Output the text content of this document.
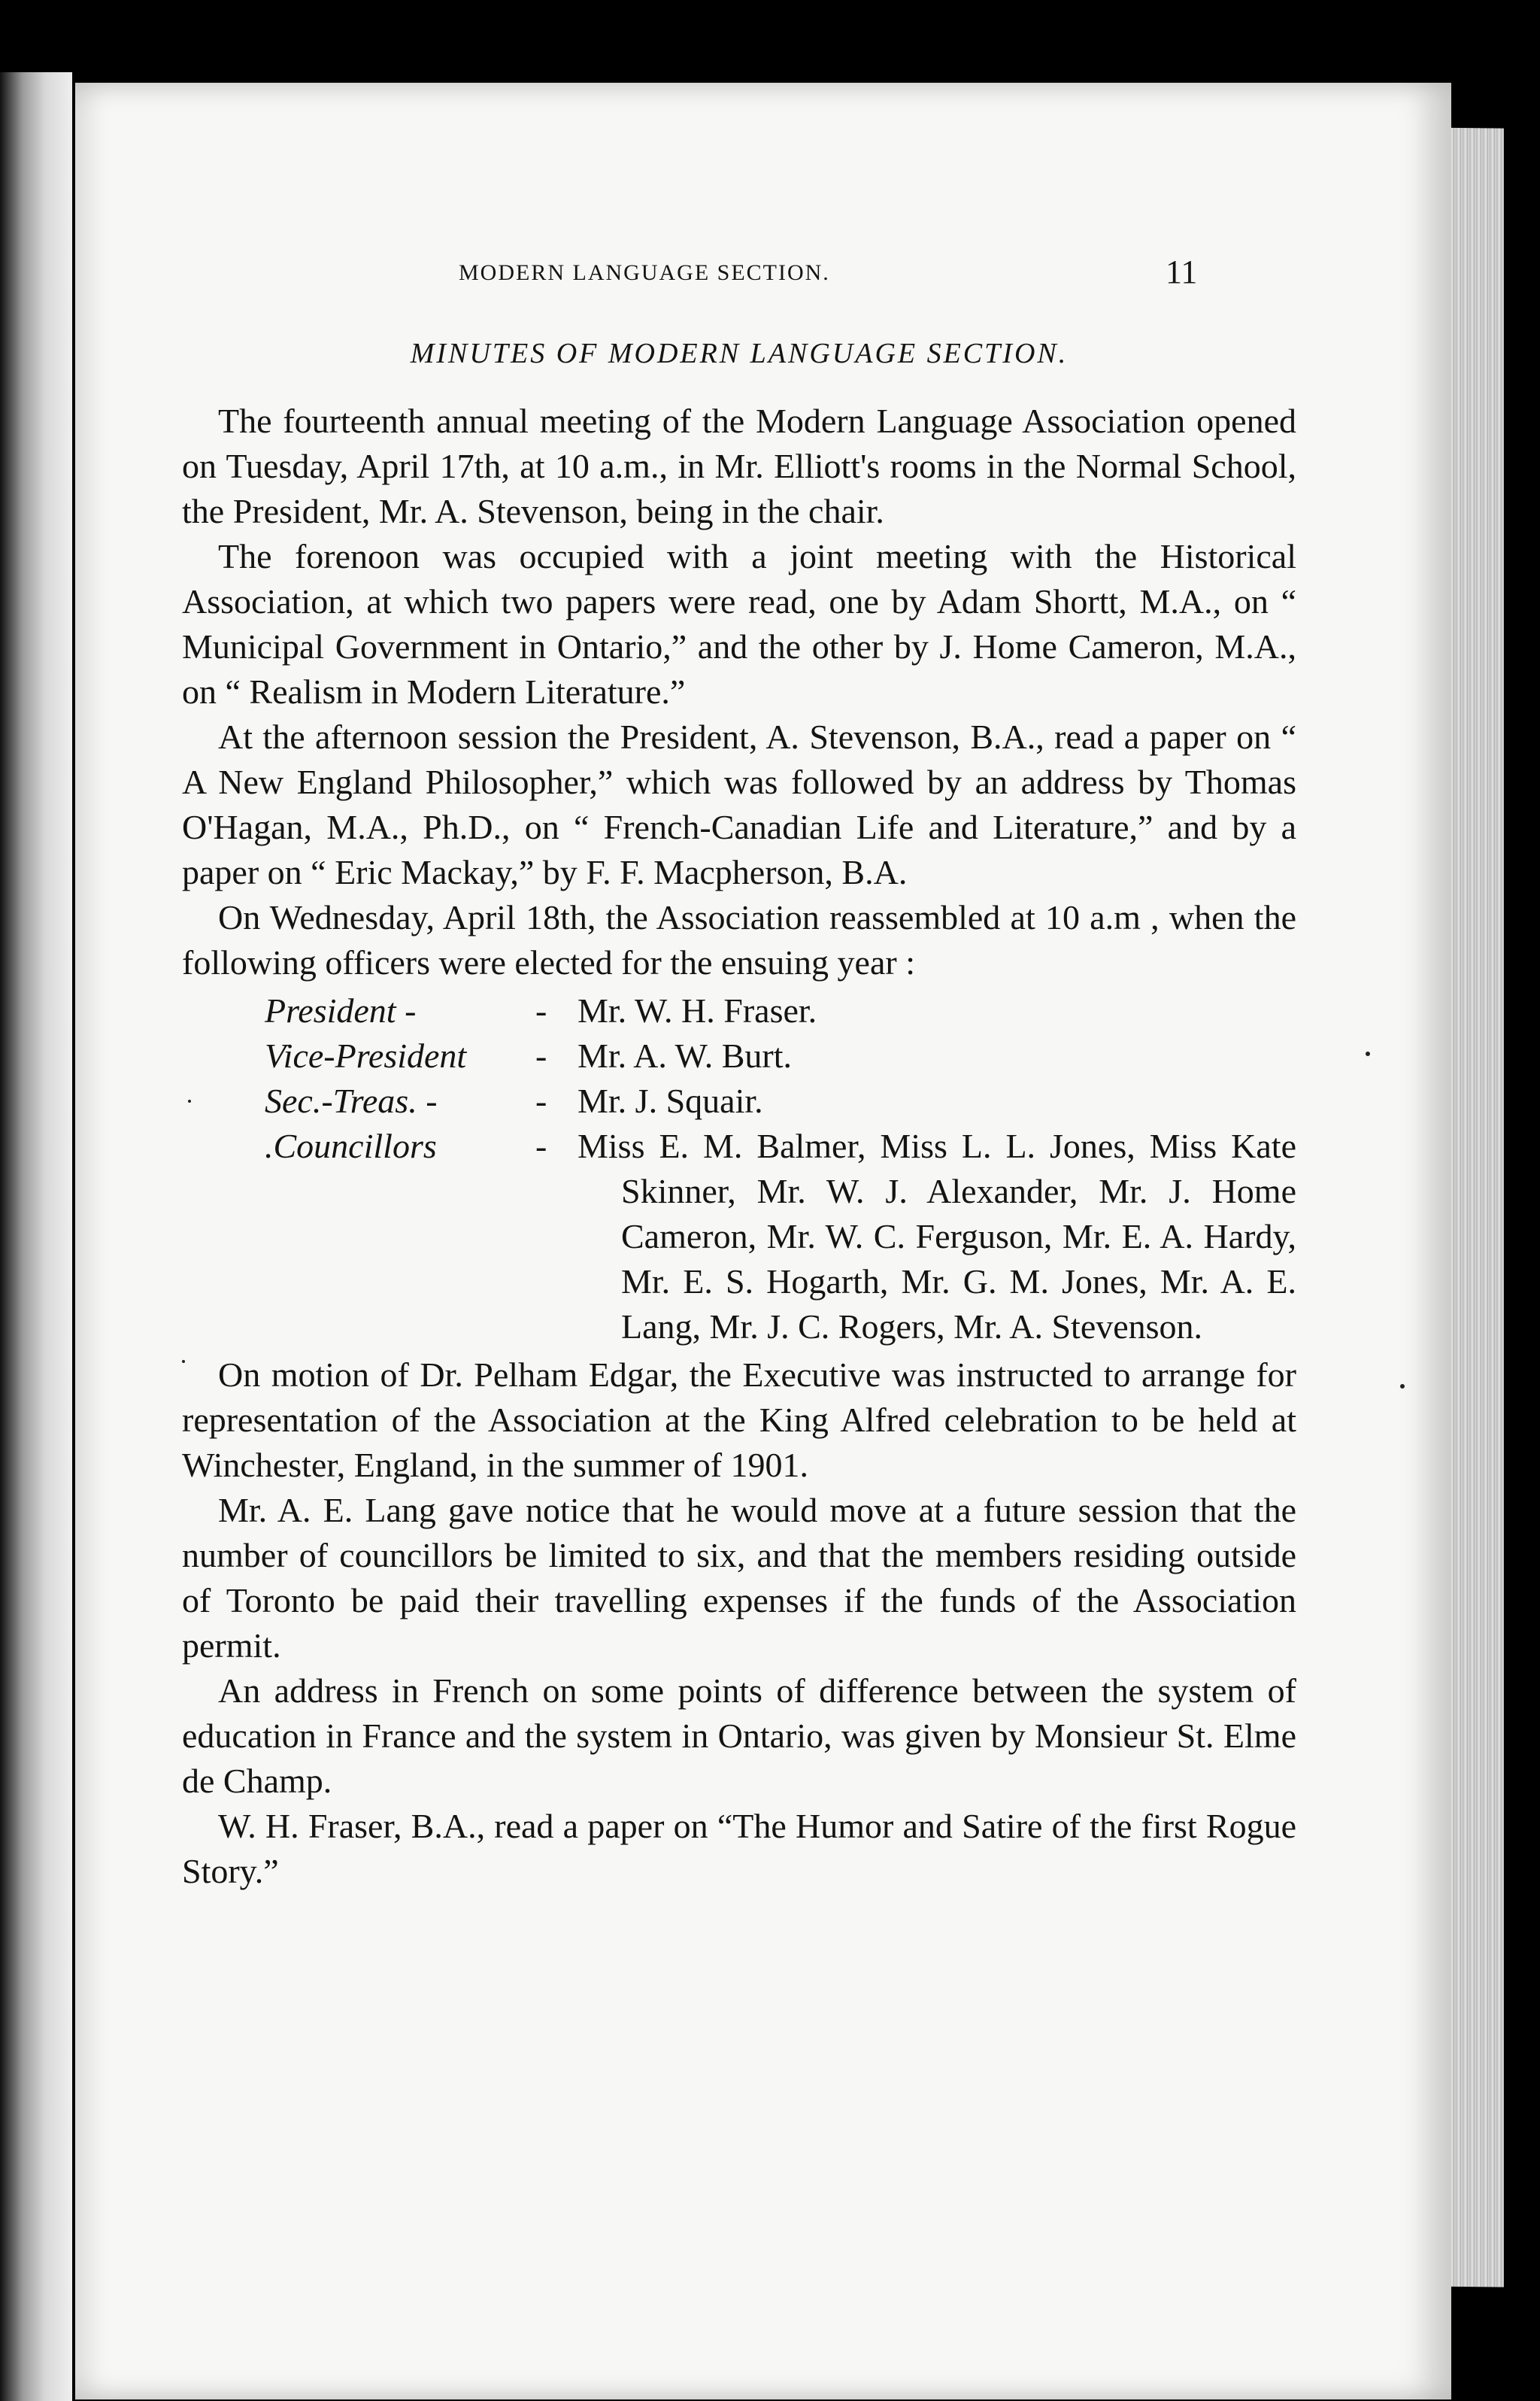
MODERN LANGUAGE SECTION.	11
MINUTES OF MODERN LANGUAGE SECTION.

The fourteenth annual meeting of the Modern Language Association opened on Tuesday, April 17th, at 10 a.m., in Mr. Elliott's rooms in the Normal School, the President, Mr. A. Stevenson, being in the chair.

The forenoon was occupied with a joint meeting with the Historical Association, at which two papers were read, one by Adam Shortt, M.A., on “ Municipal Government in Ontario,” and the other by J. Home Cameron, M.A., on “ Realism in Modern Literature.”

At the afternoon session the President, A. Stevenson, B.A., read a paper on “ A New England Philosopher,” which was followed by an address by Thomas O'Hagan, M.A., Ph.D., on “ French-Canadian Life and Literature,” and by a paper on “ Eric Mackay,” by F. F. Macpherson, B.A.

On Wednesday, April 18th, the Association reassembled at 10 a.m , when the following officers were elected for the ensuing year :

President -	- Mr. W. H. Fraser.
Vice-President	- Mr. A. W. Burt.
Sec.-Treas. -	- Mr. J. Squair.
.Councillors	- Miss E. M. Balmer, Miss L. L. Jones, Miss Kate Skinner, Mr. W. J. Alexander, Mr. J. Home Cameron, Mr. W. C. Ferguson, Mr. E. A. Hardy, Mr. E. S. Hogarth, Mr. G. M. Jones, Mr. A. E. Lang, Mr. J. C. Rogers, Mr. A. Stevenson.

On motion of Dr. Pelham Edgar, the Executive was instructed to arrange for representation of the Association at the King Alfred celebration to be held at Winchester, England, in the summer of 1901.

Mr. A. E. Lang gave notice that he would move at a future session that the number of councillors be limited to six, and that the members residing outside of Toronto be paid their travelling expenses if the funds of the Association permit.

An address in French on some points of difference between the system of education in France and the system in Ontario, was given by Monsieur St. Elme de Champ.

W. H. Fraser, B.A., read a paper on “The Humor and Satire of the first Rogue Story.”
